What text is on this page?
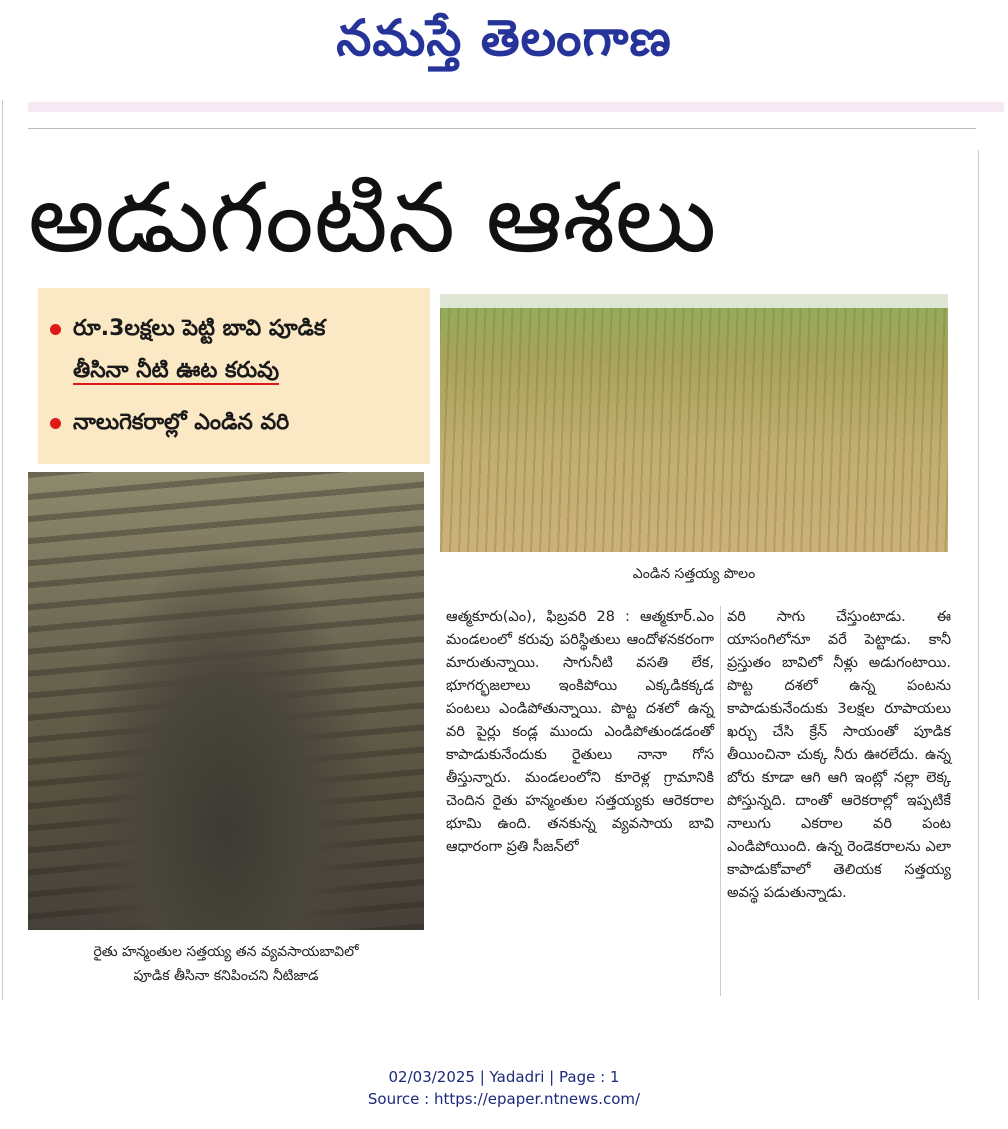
నమస్తే తెలంగాణ
అడుగంటిన ఆశలు
రూ.3లక్షలు పెట్టి బావి పూడిక
తీసినా నీటి ఊట కరువు
నాలుగెకరాల్లో ఎండిన వరి
ఎండిన సత్తయ్య పొలం
రైతు హన్మంతుల సత్తయ్య తన వ్యవసాయబావిలో
పూడిక తీసినా కనిపించని నీటిజాడ
ఆత్మకూరు(ఎం), ఫిబ్రవరి 28 : ఆత్మకూర్.ఎం మండలంలో కరువు పరిస్థితులు ఆందోళనకరంగా మారుతున్నాయి. సాగునీటి వసతి లేక, భూగర్భజలాలు ఇంకిపోయి ఎక్కడికక్కడ పంటలు ఎండిపోతున్నాయి. పొట్ట దశలో ఉన్న వరి పైర్లు కండ్ల ముందు ఎండిపోతుండడంతో కాపాడుకునేందుకు రైతులు నానా గోస తీస్తున్నారు. మండలంలోని కూరెళ్ల గ్రామానికి చెందిన రైతు హన్మంతుల సత్తయ్యకు ఆరెకరాల భూమి ఉంది. తనకున్న వ్యవసాయ బావి ఆధారంగా ప్రతి సీజన్‌లో
వరి సాగు చేస్తుంటాడు. ఈ యాసంగిలోనూ వరే పెట్టాడు. కానీ ప్రస్తుతం బావిలో నీళ్లు అడుగంటాయి. పొట్ట దశలో ఉన్న పంటను కాపాడుకునేందుకు 3లక్షల రూపాయలు ఖర్చు చేసి క్రేన్ సాయంతో పూడిక తీయించినా చుక్క నీరు ఊరలేదు. ఉన్న బోరు కూడా ఆగి ఆగి ఇంట్లో నల్లా లెక్క పోస్తున్నది. దాంతో ఆరెకరాల్లో ఇప్పటికే నాలుగు ఎకరాల వరి పంట ఎండిపోయింది. ఉన్న రెండెకరాలను ఎలా కాపాడుకోవాలో తెలియక సత్తయ్య అవస్థ పడుతున్నాడు.
02/03/2025 | Yadadri | Page : 1
Source : https://epaper.ntnews.com/
